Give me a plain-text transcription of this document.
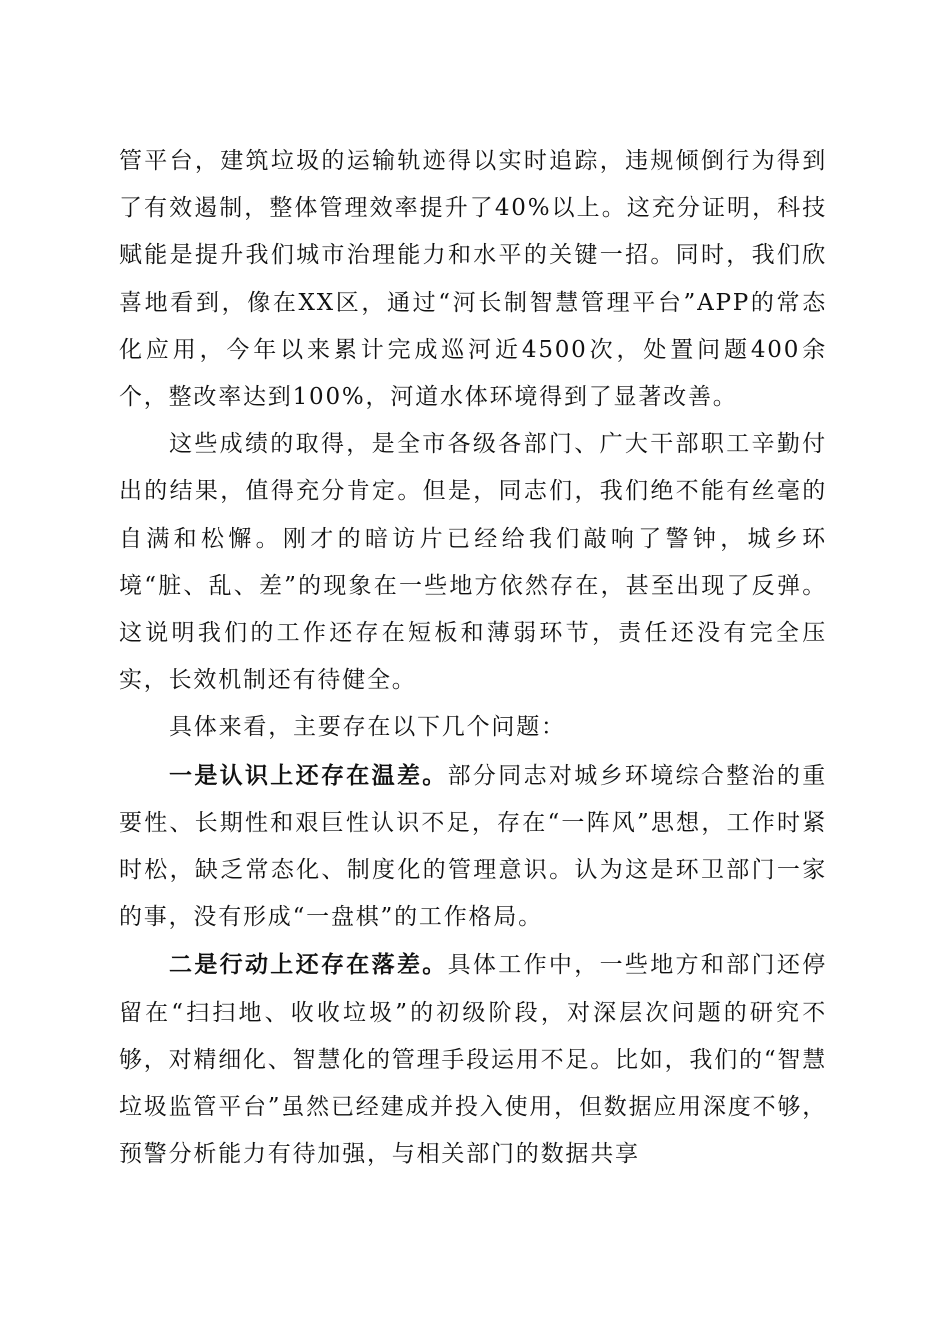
管平台，建筑垃圾的运输轨迹得以实时追踪，违规倾倒行为得到了有效遏制，整体管理效率提升了40%以上。这充分证明，科技赋能是提升我们城市治理能力和水平的关键一招。同时，我们欣喜地看到，像在XX区，通过“河长制智慧管理平台”APP的常态化应用，今年以来累计完成巡河近4500次，处置问题400余个，整改率达到100%，河道水体环境得到了显著改善。

这些成绩的取得，是全市各级各部门、广大干部职工辛勤付出的结果，值得充分肯定。但是，同志们，我们绝不能有丝毫的自满和松懈。刚才的暗访片已经给我们敲响了警钟，城乡环境“脏、乱、差”的现象在一些地方依然存在，甚至出现了反弹。这说明我们的工作还存在短板和薄弱环节，责任还没有完全压实，长效机制还有待健全。

具体来看，主要存在以下几个问题：

一是认识上还存在温差。部分同志对城乡环境综合整治的重要性、长期性和艰巨性认识不足，存在“一阵风”思想，工作时紧时松，缺乏常态化、制度化的管理意识。认为这是环卫部门一家的事，没有形成“一盘棋”的工作格局。

二是行动上还存在落差。具体工作中，一些地方和部门还停留在“扫扫地、收收垃圾”的初级阶段，对深层次问题的研究不够，对精细化、智慧化的管理手段运用不足。比如，我们的“智慧垃圾监管平台”虽然已经建成并投入使用，但数据应用深度不够，预警分析能力有待加强，与相关部门的数据共享
